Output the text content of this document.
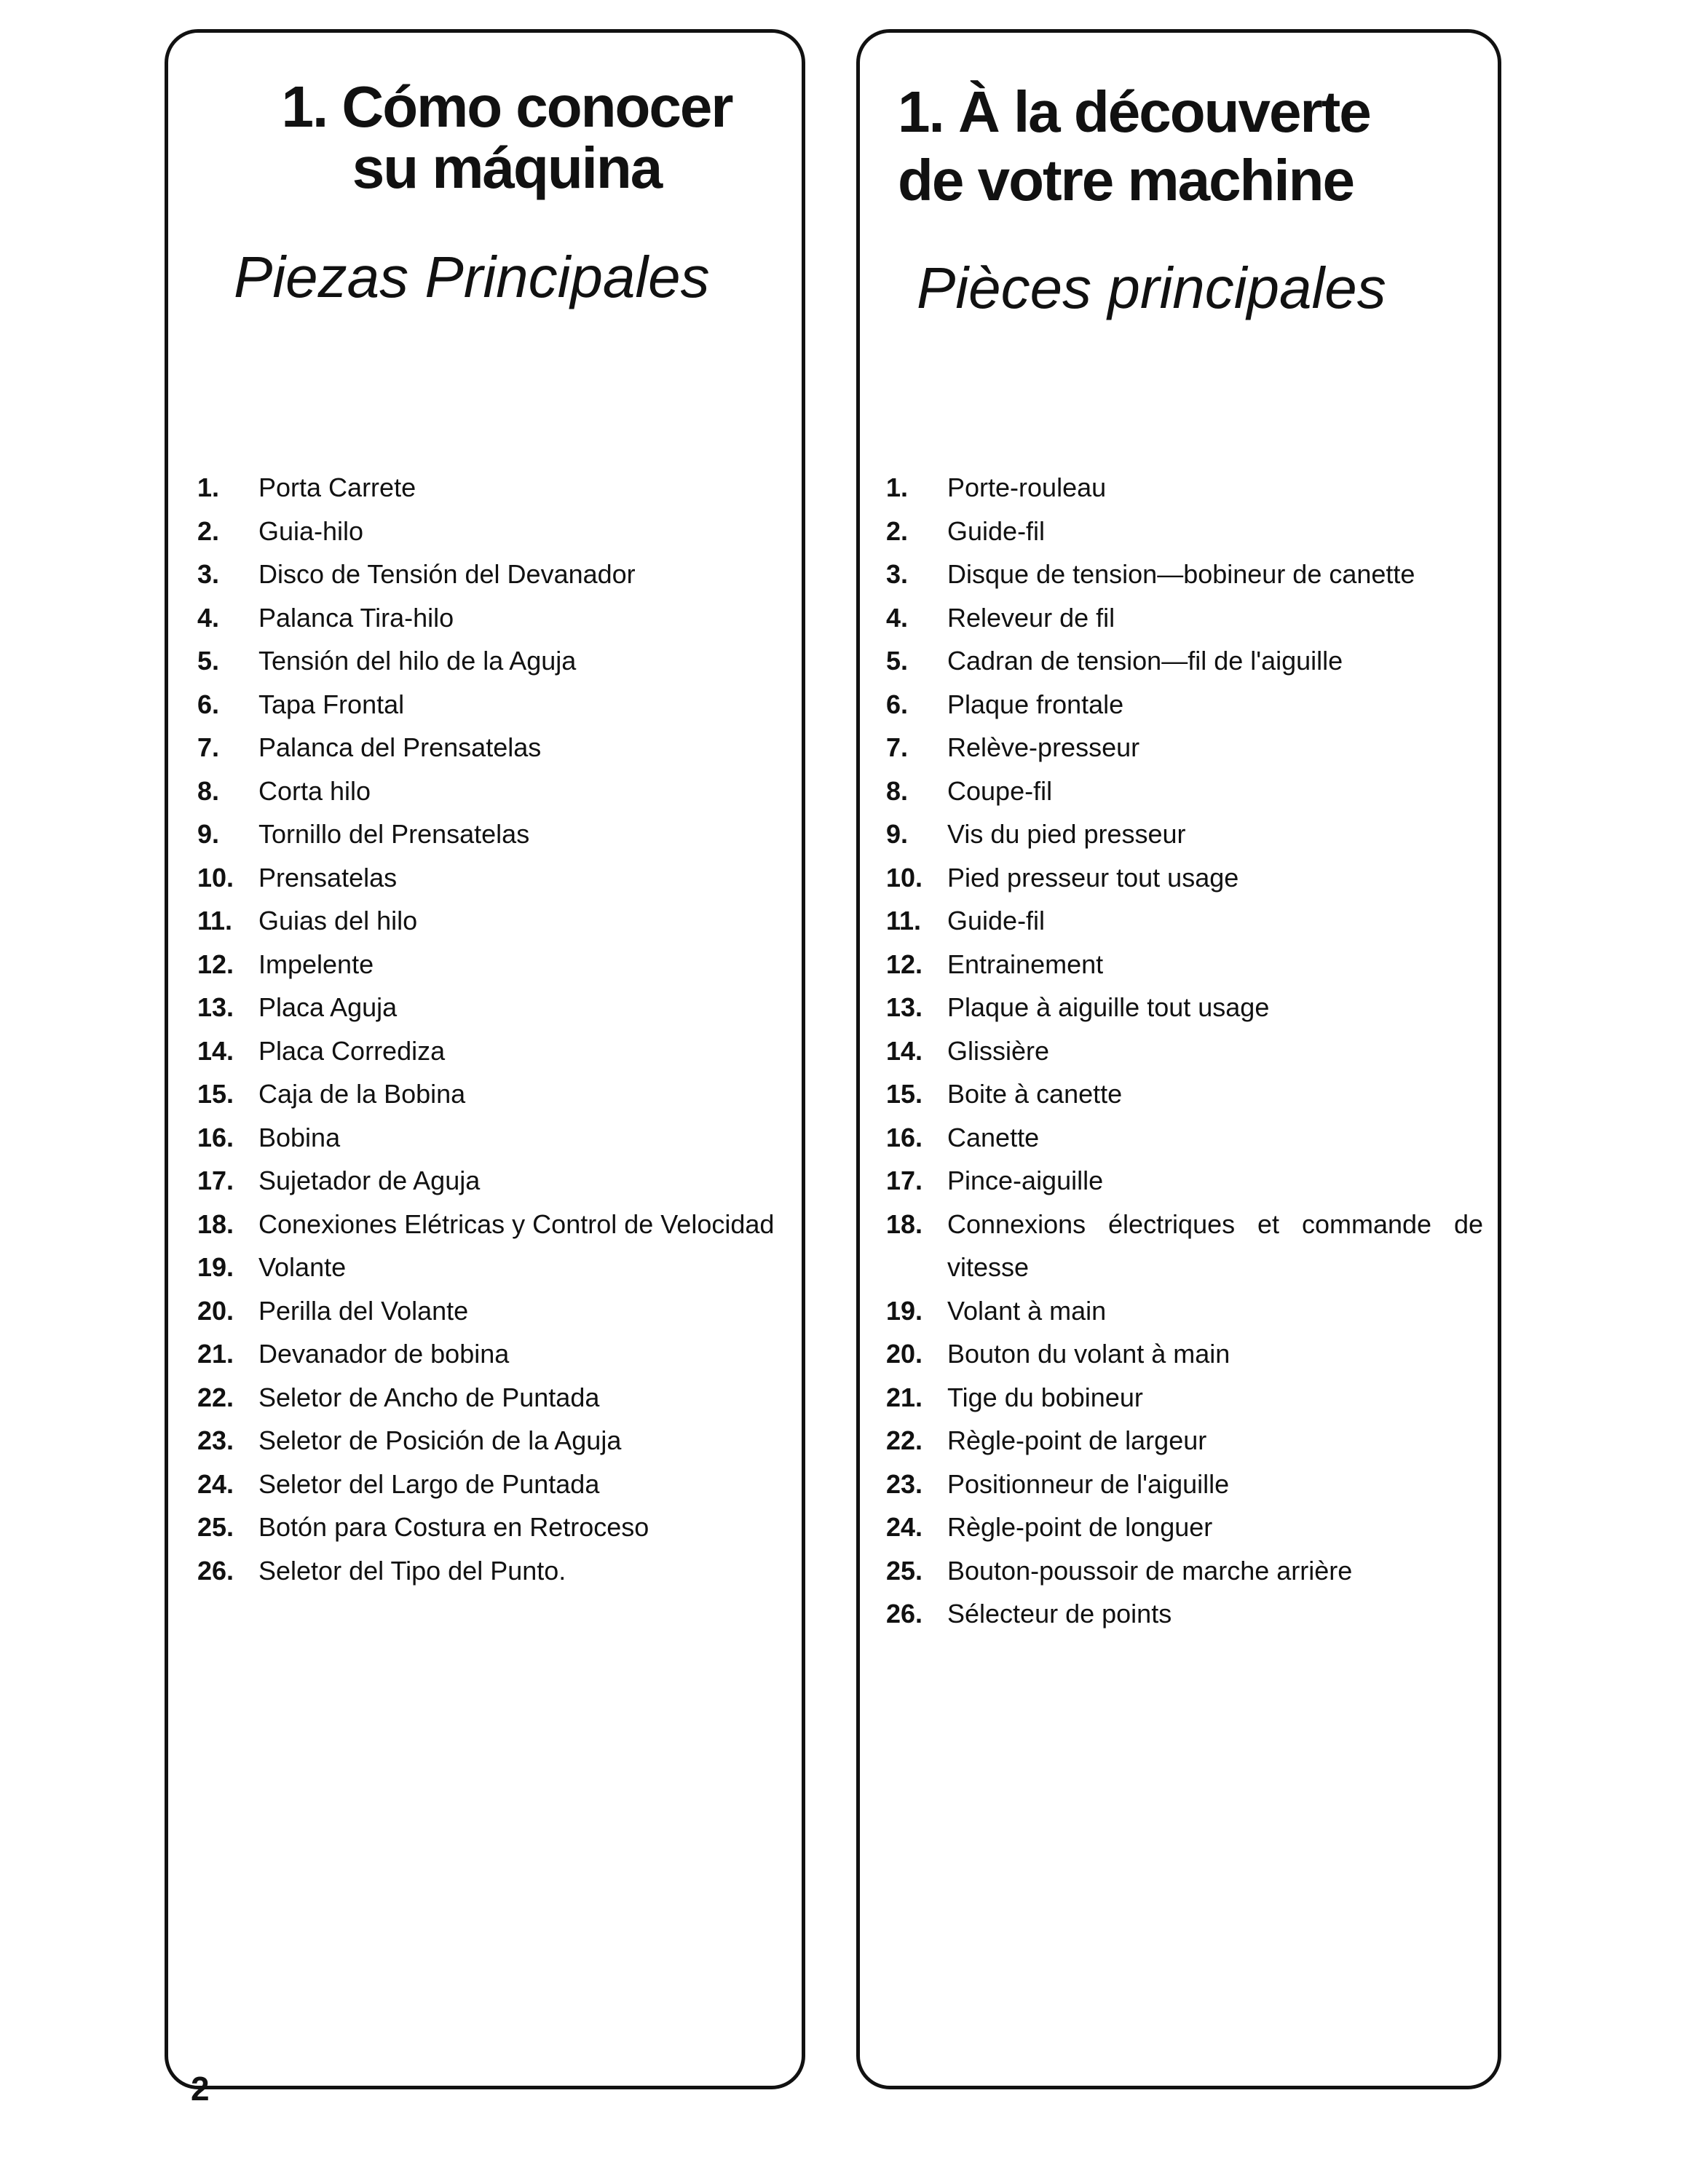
1. Cómo conocer
su máquina
Piezas Principales
1. Porta Carrete
2. Guia-hilo
3. Disco de Tensión del Devanador
4. Palanca Tira-hilo
5. Tensión del hilo de la Aguja
6. Tapa Frontal
7. Palanca del Prensatelas
8. Corta hilo
9. Tornillo del Prensatelas
10. Prensatelas
11. Guias del hilo
12. Impelente
13. Placa Aguja
14. Placa Corrediza
15. Caja de la Bobina
16. Bobina
17. Sujetador de Aguja
18. Conexiones Elétricas y Control de Velocidad
19. Volante
20. Perilla del Volante
21. Devanador de bobina
22. Seletor de Ancho de Puntada
23. Seletor de Posición de la Aguja
24. Seletor del Largo de Puntada
25. Botón para Costura en Retroceso
26. Seletor del Tipo del Punto.
1. À la découverte
de votre machine
Pièces principales
1. Porte-rouleau
2. Guide-fil
3. Disque de tension—bobineur de canette
4. Releveur de fil
5. Cadran de tension—fil de l'aiguille
6. Plaque frontale
7. Relève-presseur
8. Coupe-fil
9. Vis du pied presseur
10. Pied presseur tout usage
11. Guide-fil
12. Entrainement
13. Plaque à aiguille tout usage
14. Glissière
15. Boite à canette
16. Canette
17. Pince-aiguille
18. Connexions électriques et commande de vitesse
19. Volant à main
20. Bouton du volant à main
21. Tige du bobineur
22. Règle-point de largeur
23. Positionneur de l'aiguille
24. Règle-point de longuer
25. Bouton-poussoir de marche arrière
26. Sélecteur de points
2
